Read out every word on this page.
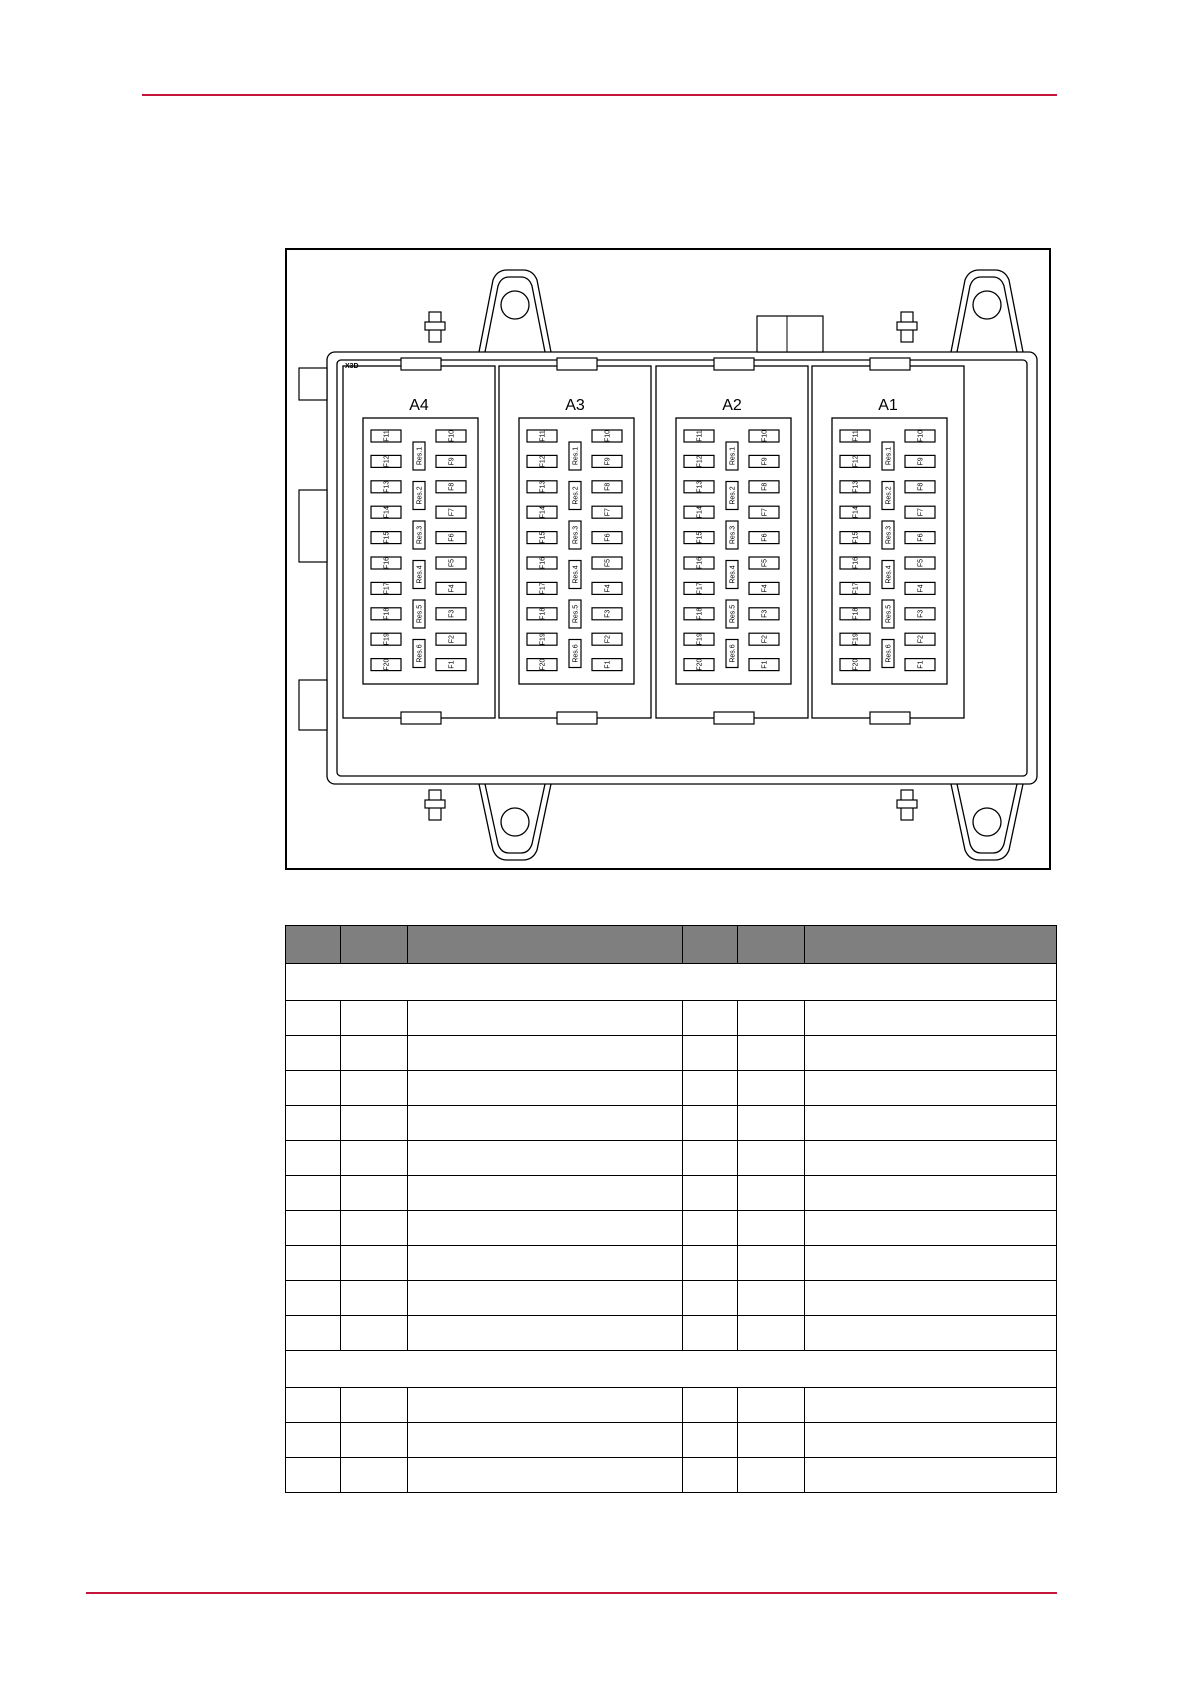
X3D
A4
F11
F12
F13
F14
F15
F16
F17
F18
F19
F20
F10
F9
F8
F7
F6
F5
F4
F3
F2
F1
Res.1
Res.2
Res.3
Res.4
Res.5
Res.6
A3
F11
F12
F13
F14
F15
F16
F17
F18
F19
F20
F10
F9
F8
F7
F6
F5
F4
F3
F2
F1
Res.1
Res.2
Res.3
Res.4
Res.5
Res.6
A2
F11
F12
F13
F14
F15
F16
F17
F18
F19
F20
F10
F9
F8
F7
F6
F5
F4
F3
F2
F1
Res.1
Res.2
Res.3
Res.4
Res.5
Res.6
A1
F11
F12
F13
F14
F15
F16
F17
F18
F19
F20
F10
F9
F8
F7
F6
F5
F4
F3
F2
F1
Res.1
Res.2
Res.3
Res.4
Res.5
Res.6
